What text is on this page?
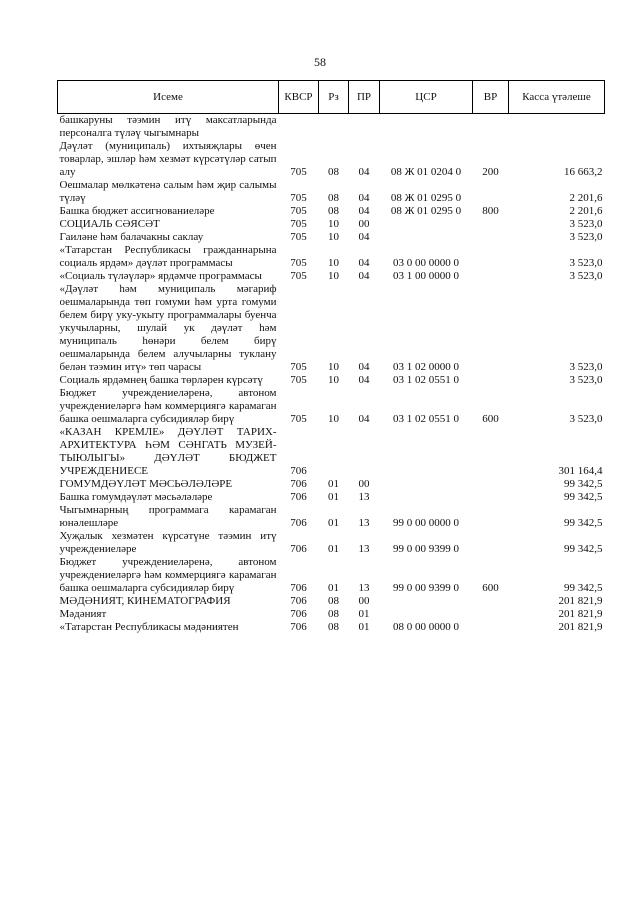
58
Исеме	КВСР	Рз	ПР	ЦСР	ВР	Касса үтәлеше
башкаруны тәэмин итү максатларында персоналга түләү чыгымнары						
Дәүләт (муниципаль) ихтыяҗлары өчен товарлар, эшләр һәм хезмәт күрсәтүләр сатып алу	705	08	04	08 Ж 01 0204 0	200	16 663,2
Оешмалар мөлкәтенә салым һәм җир салымы түләү	705	08	04	08 Ж 01 0295 0		2 201,6
Башка бюджет ассигнованиеләре	705	08	04	08 Ж 01 0295 0	800	2 201,6
СОЦИАЛЬ СӘЯСӘТ	705	10	00			3 523,0
Гаиләне һәм балачакны саклау	705	10	04			3 523,0
«Татарстан Республикасы гражданнарына социаль ярдәм» дәүләт программасы	705	10	04	03 0 00 0000 0		3 523,0
«Социаль түләүләр» ярдәмче программасы	705	10	04	03 1 00 0000 0		3 523,0
«Дәүләт һәм муниципаль мәгариф оешмаларында төп гомуми һәм урта гомуми белем бирү уку-укыту программалары буенча укучыларны, шулай ук дәүләт һәм муниципаль һөнәри белем бирү оешмаларында белем алучыларны туклану белән тәэмин итү» төп чарасы	705	10	04	03 1 02 0000 0		3 523,0
Социаль ярдәмнең башка төрләрен күрсәтү	705	10	04	03 1 02 0551 0		3 523,0
Бюджет учреждениеләренә, автоном учреждениеләргә һәм коммерциягә карамаган башка оешмаларга субсидияләр бирү	705	10	04	03 1 02 0551 0	600	3 523,0
«КАЗАН КРЕМЛЕ» ДӘҮЛӘТ ТАРИХ-АРХИТЕКТУРА ҺӘМ СӘНГАТЬ МУЗЕЙ-ТЫЮЛЫГЫ» ДӘҮЛӘТ БЮДЖЕТ УЧРЕЖДЕНИЕСЕ	706					301 164,4
ГОМУМДӘҮЛӘТ МӘСЬӘЛӘЛӘРЕ	706	01	00			99 342,5
Башка гомумдәүләт мәсьәләләре	706	01	13			99 342,5
Чыгымнарның программага карамаган юнәлешләре	706	01	13	99 0 00 0000 0		99 342,5
Хуҗалык хезмәтен күрсәтүне тәэмин итү учреждениеләре	706	01	13	99 0 00 9399 0		99 342,5
Бюджет учреждениеләренә, автоном учреждениеләргә һәм коммерциягә карамаган башка оешмаларга субсидияләр бирү	706	01	13	99 0 00 9399 0	600	99 342,5
МӘДӘНИЯТ, КИНЕМАТОГРАФИЯ	706	08	00			201 821,9
Мәдәният	706	08	01			201 821,9
«Татарстан Республикасы мәдәниятен	706	08	01	08 0 00 0000 0		201 821,9
